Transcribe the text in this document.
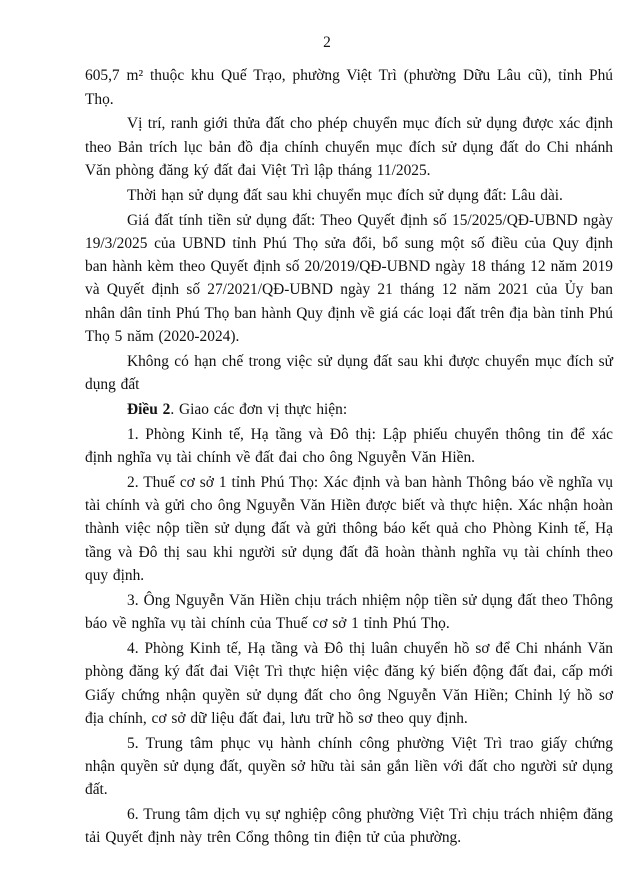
2

605,7 m² thuộc khu Quế Trạo, phường Việt Trì (phường Dữu Lâu cũ), tỉnh Phú Thọ.

Vị trí, ranh giới thửa đất cho phép chuyển mục đích sử dụng được xác định theo Bản trích lục bản đồ địa chính chuyển mục đích sử dụng đất do Chi nhánh Văn phòng đăng ký đất đai Việt Trì lập tháng 11/2025.

Thời hạn sử dụng đất sau khi chuyển mục đích sử dụng đất: Lâu dài.

Giá đất tính tiền sử dụng đất: Theo Quyết định số 15/2025/QĐ-UBND ngày 19/3/2025 của UBND tỉnh Phú Thọ sửa đổi, bổ sung một số điều của Quy định ban hành kèm theo Quyết định số 20/2019/QĐ-UBND ngày 18 tháng 12 năm 2019 và Quyết định số 27/2021/QĐ-UBND ngày 21 tháng 12 năm 2021 của Ủy ban nhân dân tỉnh Phú Thọ ban hành Quy định về giá các loại đất trên địa bàn tỉnh Phú Thọ 5 năm (2020-2024).

Không có hạn chế trong việc sử dụng đất sau khi được chuyển mục đích sử dụng đất

Điều 2. Giao các đơn vị thực hiện:

1. Phòng Kinh tế, Hạ tầng và Đô thị: Lập phiếu chuyển thông tin để xác định nghĩa vụ tài chính về đất đai cho ông Nguyễn Văn Hiền.

2. Thuế cơ sở 1 tỉnh Phú Thọ: Xác định và ban hành Thông báo về nghĩa vụ tài chính và gửi cho ông Nguyễn Văn Hiền được biết và thực hiện. Xác nhận hoàn thành việc nộp tiền sử dụng đất và gửi thông báo kết quả cho Phòng Kinh tế, Hạ tầng và Đô thị sau khi người sử dụng đất đã hoàn thành nghĩa vụ tài chính theo quy định.

3. Ông Nguyễn Văn Hiền chịu trách nhiệm nộp tiền sử dụng đất theo Thông báo về nghĩa vụ tài chính của Thuế cơ sở 1 tỉnh Phú Thọ.

4. Phòng Kinh tế, Hạ tầng và Đô thị luân chuyển hồ sơ để Chi nhánh Văn phòng đăng ký đất đai Việt Trì thực hiện việc đăng ký biến động đất đai, cấp mới Giấy chứng nhận quyền sử dụng đất cho ông Nguyễn Văn Hiền; Chỉnh lý hồ sơ địa chính, cơ sở dữ liệu đất đai, lưu trữ hồ sơ theo quy định.

5. Trung tâm phục vụ hành chính công phường Việt Trì trao giấy chứng nhận quyền sử dụng đất, quyền sở hữu tài sản gắn liền với đất cho người sử dụng đất.

6. Trung tâm dịch vụ sự nghiệp công phường Việt Trì chịu trách nhiệm đăng tải Quyết định này trên Cổng thông tin điện tử của phường.
